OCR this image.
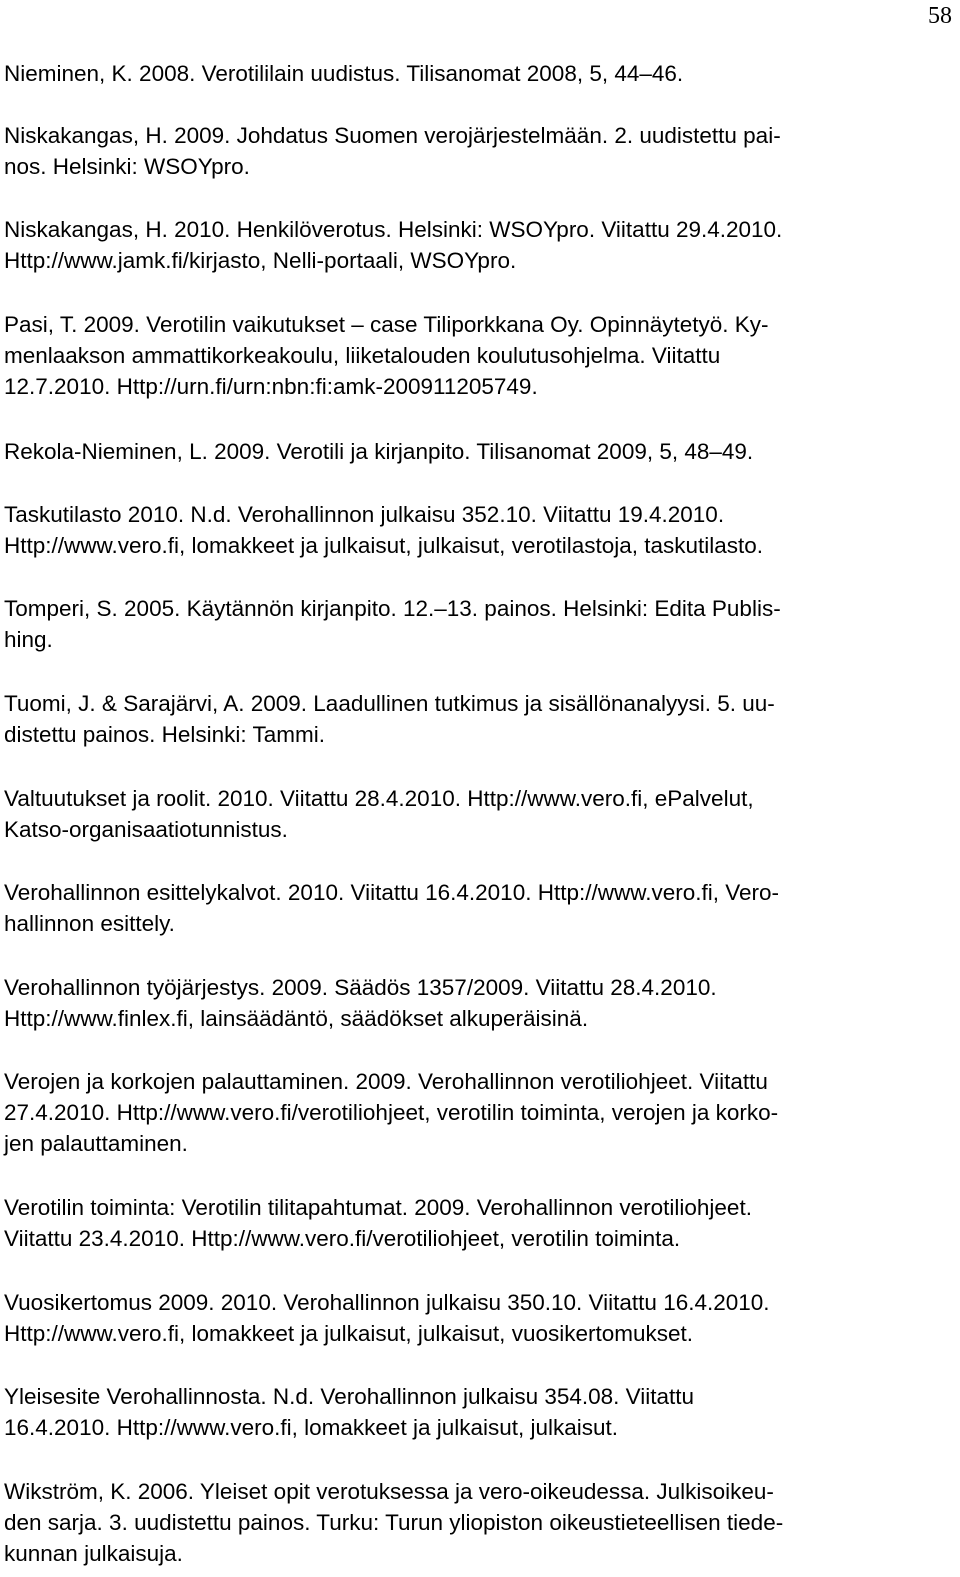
58
Nieminen, K. 2008. Verotililain uudistus. Tilisanomat 2008, 5, 44–46.
Niskakangas, H. 2009. Johdatus Suomen verojärjestelmään. 2. uudistettu pai-
nos. Helsinki: WSOYpro.
Niskakangas, H. 2010. Henkilöverotus. Helsinki: WSOYpro. Viitattu 29.4.2010.
Http://www.jamk.fi/kirjasto, Nelli-portaali, WSOYpro.
Pasi, T. 2009. Verotilin vaikutukset – case Tiliporkkana Oy. Opinnäytetyö. Ky-
menlaakson ammattikorkeakoulu, liiketalouden koulutusohjelma. Viitattu
12.7.2010. Http://urn.fi/urn:nbn:fi:amk-200911205749.
Rekola-Nieminen, L. 2009. Verotili ja kirjanpito. Tilisanomat 2009, 5, 48–49.
Taskutilasto 2010. N.d. Verohallinnon julkaisu 352.10. Viitattu 19.4.2010.
Http://www.vero.fi, lomakkeet ja julkaisut, julkaisut, verotilastoja, taskutilasto.
Tomperi, S. 2005. Käytännön kirjanpito. 12.–13. painos. Helsinki: Edita Publis-
hing.
Tuomi, J. & Sarajärvi, A. 2009. Laadullinen tutkimus ja sisällönanalyysi. 5. uu-
distettu painos. Helsinki: Tammi.
Valtuutukset ja roolit. 2010. Viitattu 28.4.2010. Http://www.vero.fi, ePalvelut,
Katso-organisaatiotunnistus.
Verohallinnon esittelykalvot. 2010. Viitattu 16.4.2010. Http://www.vero.fi, Vero-
hallinnon esittely.
Verohallinnon työjärjestys. 2009. Säädös 1357/2009. Viitattu 28.4.2010.
Http://www.finlex.fi, lainsäädäntö, säädökset alkuperäisinä.
Verojen ja korkojen palauttaminen. 2009. Verohallinnon verotiliohjeet. Viitattu
27.4.2010. Http://www.vero.fi/verotiliohjeet, verotilin toiminta, verojen ja korko-
jen palauttaminen.
Verotilin toiminta: Verotilin tilitapahtumat. 2009. Verohallinnon verotiliohjeet.
Viitattu 23.4.2010. Http://www.vero.fi/verotiliohjeet, verotilin toiminta.
Vuosikertomus 2009. 2010. Verohallinnon julkaisu 350.10. Viitattu 16.4.2010.
Http://www.vero.fi, lomakkeet ja julkaisut, julkaisut, vuosikertomukset.
Yleisesite Verohallinnosta. N.d. Verohallinnon julkaisu 354.08. Viitattu
16.4.2010. Http://www.vero.fi, lomakkeet ja julkaisut, julkaisut.
Wikström, K. 2006. Yleiset opit verotuksessa ja vero-oikeudessa. Julkisoikeu-
den sarja. 3. uudistettu painos. Turku: Turun yliopiston oikeustieteellisen tiede-
kunnan julkaisuja.
